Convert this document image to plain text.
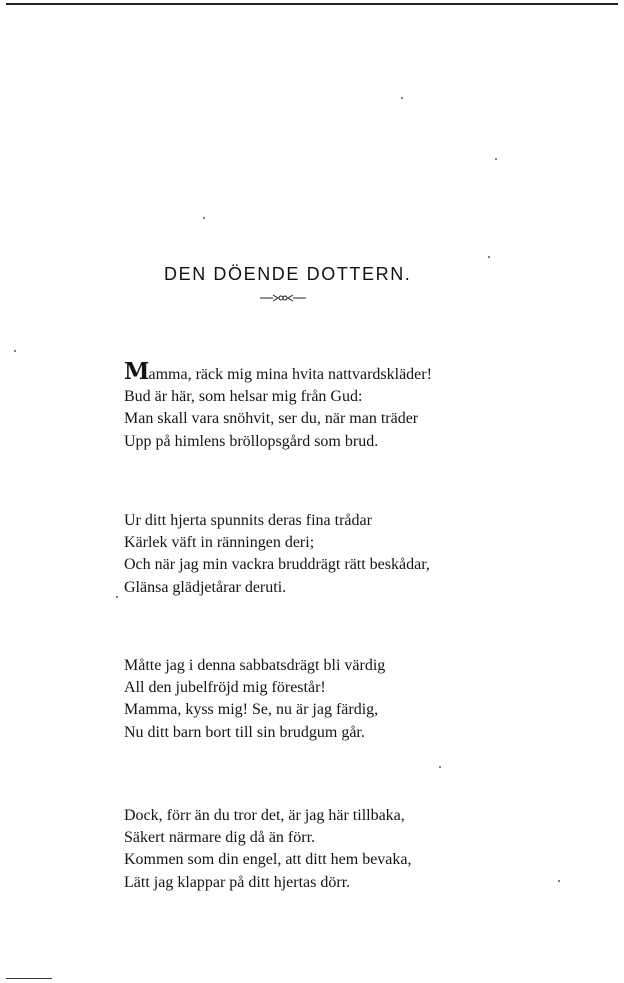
DEN DÖENDE DOTTERN.
Mamma, räck mig mina hvita nattvardskläder!
Bud är här, som helsar mig från Gud:
Man skall vara snöhvit, ser du, när man träder
Upp på himlens bröllopsgård som brud.
Ur ditt hjerta spunnits deras fina trådar
Kärlek väft in ränningen deri;
Och när jag min vackra bruddrägt rätt beskådar,
Glänsa glädjetårar deruti.
Måtte jag i denna sabbatsdrägt bli värdig
All den jubelfröjd mig förestår!
Mamma, kyss mig! Se, nu är jag färdig,
Nu ditt barn bort till sin brudgum går.
Dock, förr än du tror det, är jag här tillbaka,
Säkert närmare dig då än förr.
Kommen som din engel, att ditt hem bevaka,
Lätt jag klappar på ditt hjertas dörr.
